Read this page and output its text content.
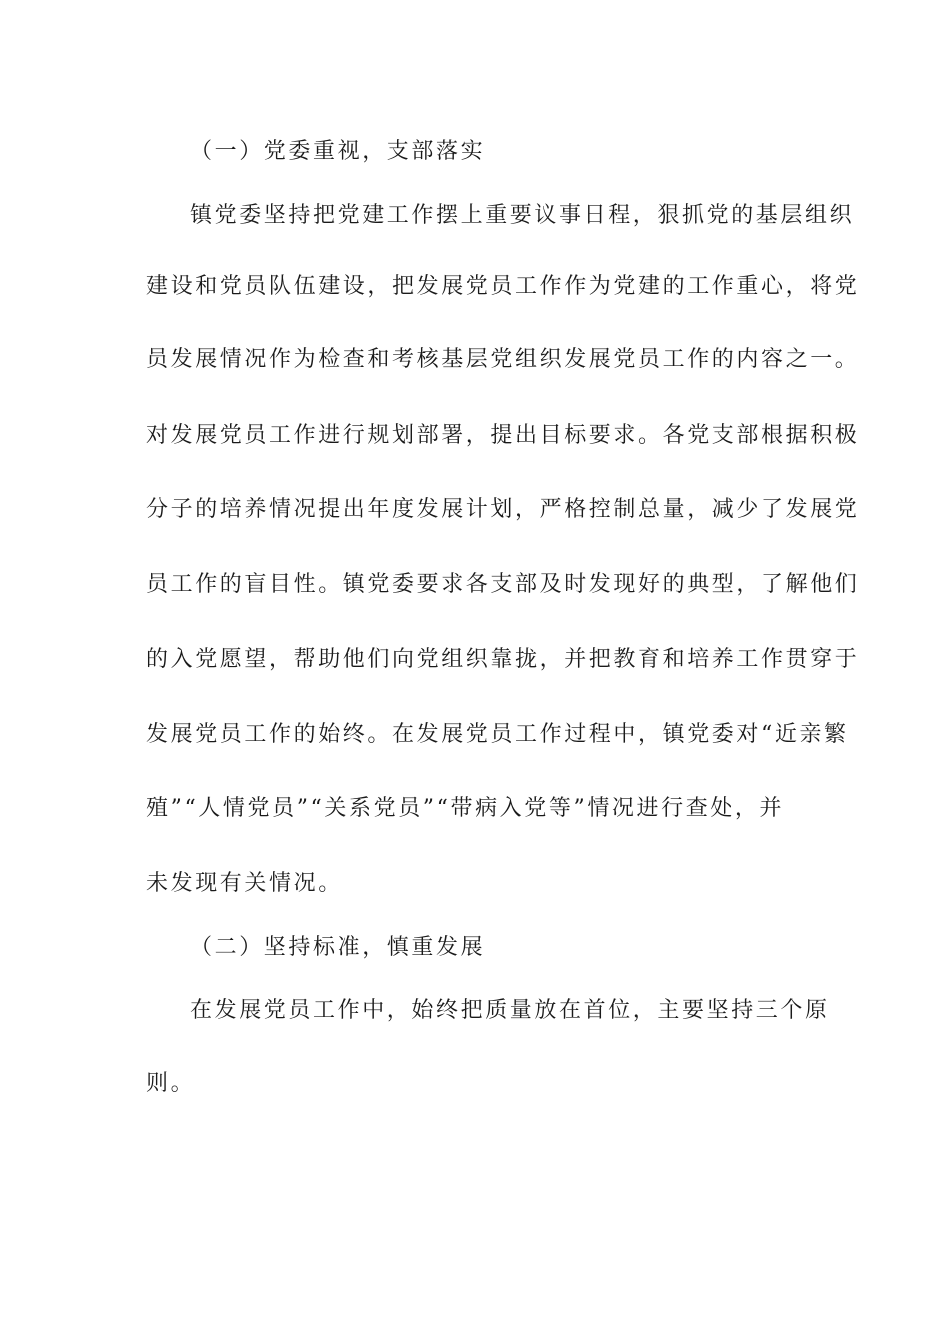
（一）党委重视，支部落实
镇党委坚持把党建工作摆上重要议事日程，狠抓党的基层组织
建设和党员队伍建设，把发展党员工作作为党建的工作重心，将党
员发展情况作为检查和考核基层党组织发展党员工作的内容之一。
对发展党员工作进行规划部署，提出目标要求。各党支部根据积极
分子的培养情况提出年度发展计划，严格控制总量，减少了发展党
员工作的盲目性。镇党委要求各支部及时发现好的典型，了解他们
的入党愿望，帮助他们向党组织靠拢，并把教育和培养工作贯穿于
发展党员工作的始终。在发展党员工作过程中，镇党委对“近亲繁
殖”“人情党员”“关系党员”“带病入党等”情况进行查处，并
未发现有关情况。
（二）坚持标准，慎重发展
在发展党员工作中，始终把质量放在首位，主要坚持三个原
则。
